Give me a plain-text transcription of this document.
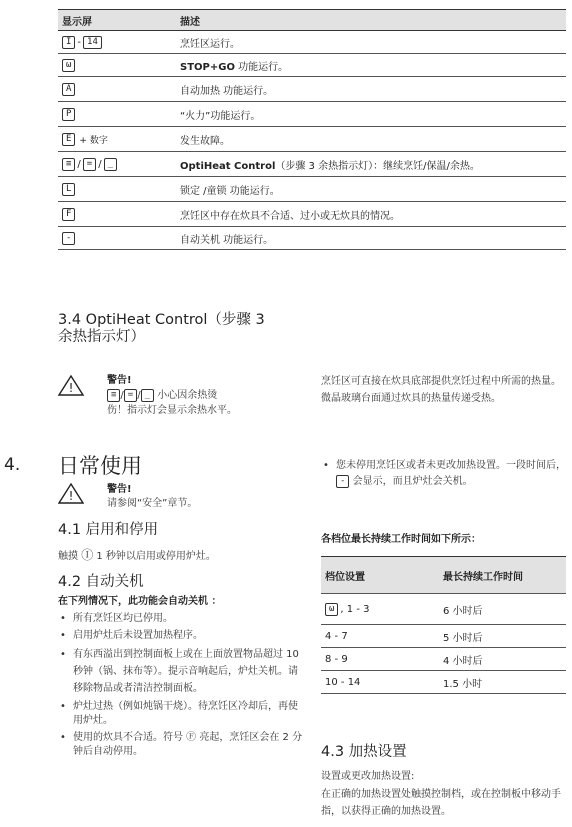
显示屏	描述
I - 14	烹饪区运行。
ω	STOP+GO 功能运行。
A	自动加热 功能运行。
P	“火力”功能运行。
E + 数字	发生故障。
≡ / = / _	OptiHeat Control（步骤 3 余热指示灯）：继续烹饪/保温/余热。
L	锁定 /童锁 功能运行。
F	烹饪区中存在炊具不合适、过小或无炊具的情况。
-	自动关机 功能运行。
3.4 OptiHeat Control（步骤 3
余热指示灯）
!
警告!
≡ / = / _ 小心因余热烫
伤！指示灯会显示余热水平。
烹饪区可直接在炊具底部提供烹饪过程中所需的热量。微晶玻璃台面通过炊具的热量传递受热。
4. 日常使用
!	警告!
请参阅“安全”章节。
4.1 启用和停用
触摸 Ⓘ 1 秒钟以启用或停用炉灶。
4.2 自动关机
在下列情况下，此功能会自动关机 ：
• 所有烹饪区均已停用。
• 启用炉灶后未设置加热程序。
• 有东西溢出到控制面板上或在上面放置物品超过 10 秒钟（锅、抹布等）。提示音响起后，炉灶关机。请移除物品或者清洁控制面板。
• 炉灶过热（例如炖锅干烧）。待烹饪区冷却后，再使用炉灶。
• 使用的炊具不合适。符号 Ⓕ 亮起，烹饪区会在 2 分钟后自动停用。
• 您未停用烹饪区或者未更改加热设置。一段时间后，- 会显示，而且炉灶会关机。
各档位最长持续工作时间如下所示：
档位设置	最长持续工作时间
ω , 1 - 3	6 小时后
4 - 7	5 小时后
8 - 9	4 小时后
10 - 14	1.5 小时
4.3 加热设置
设置或更改加热设置:
在正确的加热设置处触摸控制档，或在控制板中移动手指，以获得正确的加热设置。
